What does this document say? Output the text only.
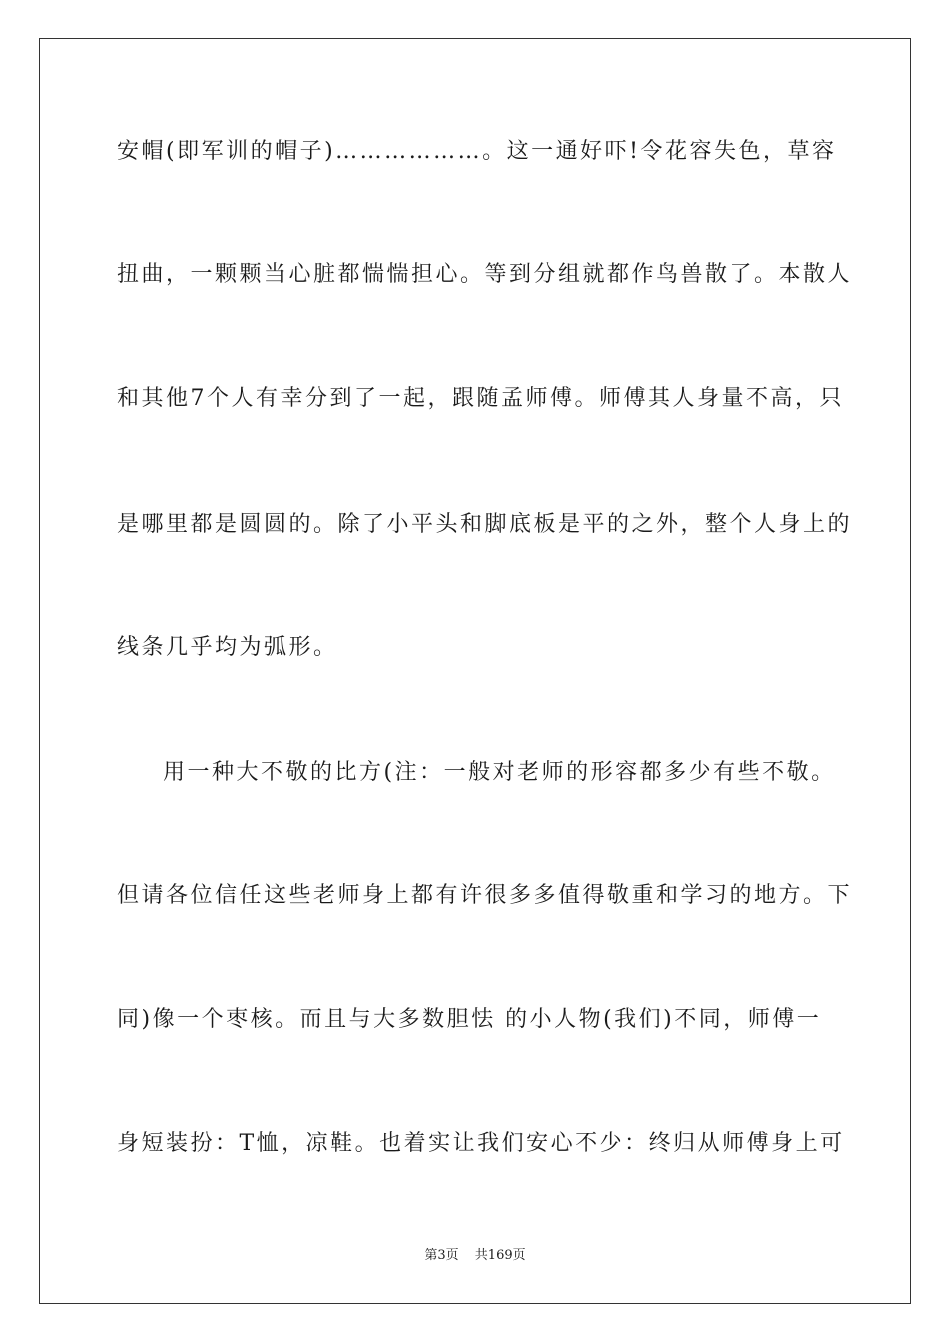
安帽(即军训的帽子)………………。这一通好吓!令花容失色，草容
扭曲，一颗颗当心脏都惴惴担心。等到分组就都作鸟兽散了。本散人
和其他7个人有幸分到了一起，跟随孟师傅。师傅其人身量不高，只
是哪里都是圆圆的。除了小平头和脚底板是平的之外，整个人身上的
线条几乎均为弧形。
用一种大不敬的比方(注：一般对老师的形容都多少有些不敬。
但请各位信任这些老师身上都有许很多多值得敬重和学习的地方。下
同)像一个枣核。而且与大多数胆怯 的小人物(我们)不同，师傅一
身短装扮：T恤，凉鞋。也着实让我们安心不少：终归从师傅身上可
第3页 共169页
